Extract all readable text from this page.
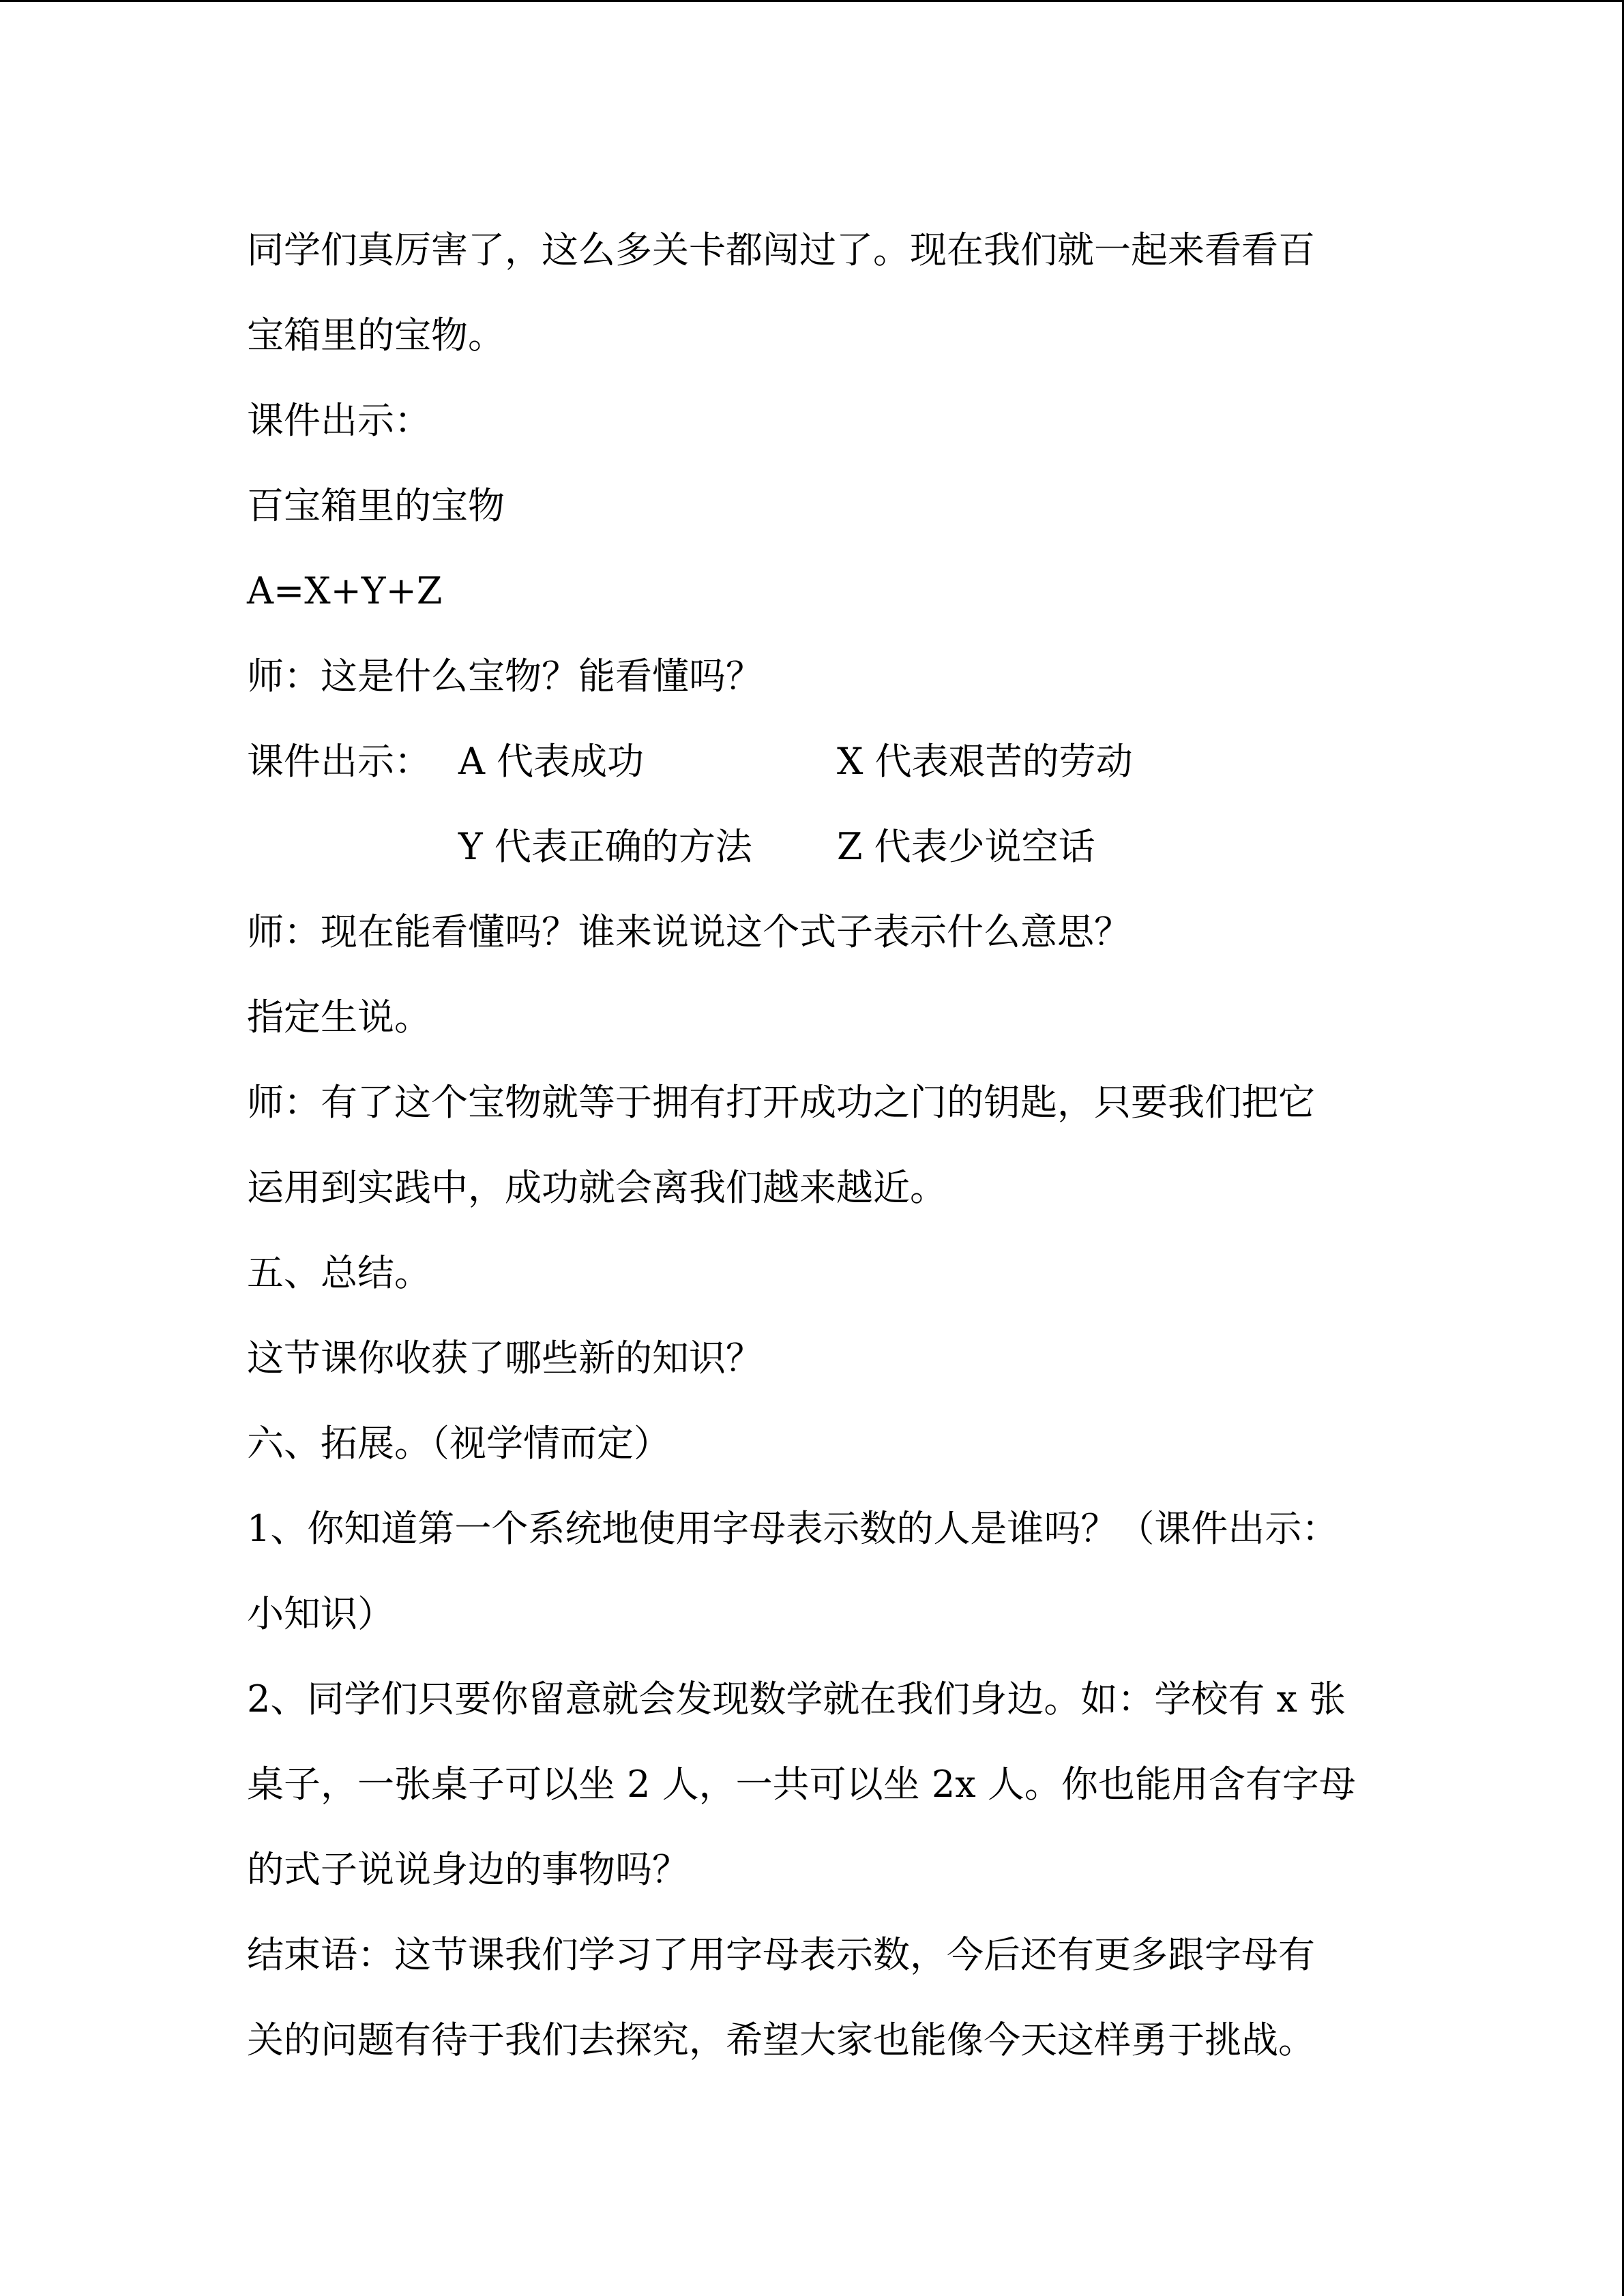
同学们真厉害了，这么多关卡都闯过了。现在我们就一起来看看百
宝箱里的宝物。
课件出示：
百宝箱里的宝物
A=X+Y+Z
师：这是什么宝物？能看懂吗？
课件出示： A 代表成功	X 代表艰苦的劳动
Y 代表正确的方法 Z 代表少说空话
师：现在能看懂吗？谁来说说这个式子表示什么意思？
指定生说。
师：有了这个宝物就等于拥有打开成功之门的钥匙，只要我们把它
运用到实践中，成功就会离我们越来越近。
五、总结。
这节课你收获了哪些新的知识？
六、拓展。（视学情而定）
1、你知道第一个系统地使用字母表示数的人是谁吗？（课件出示：
小知识）
2、同学们只要你留意就会发现数学就在我们身边。如：学校有 x 张
桌子，一张桌子可以坐 2 人，一共可以坐 2x 人。你也能用含有字母
的式子说说身边的事物吗？
结束语：这节课我们学习了用字母表示数，今后还有更多跟字母有
关的问题有待于我们去探究，希望大家也能像今天这样勇于挑战。
